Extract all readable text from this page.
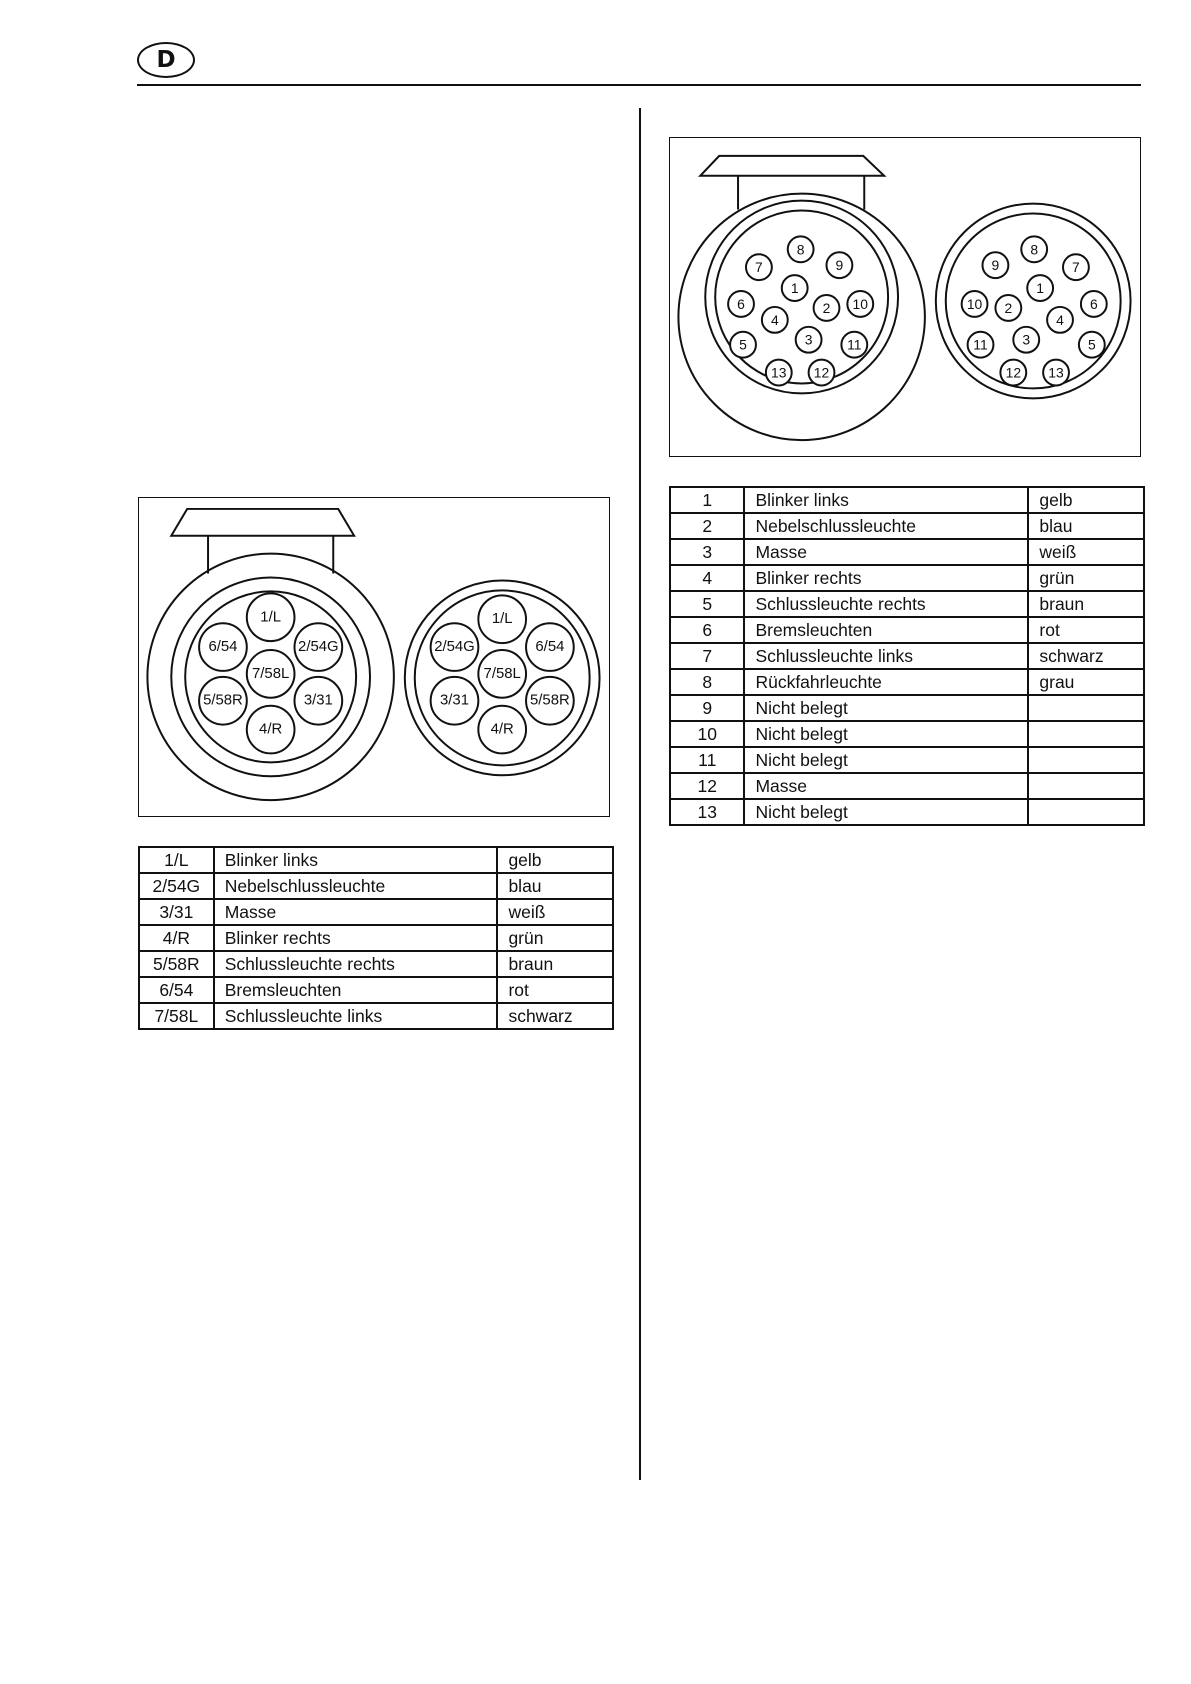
D
1/L
2/54G
3/31
4/R
5/58R
6/54
7/58L
1/L
2/54G
3/31
4/R
5/58R
6/54
7/58L
1/L	Blinker links	gelb
2/54G	Nebelschlussleuchte	blau
3/31	Masse	weiß
4/R	Blinker rechts	grün
5/58R	Schlussleuchte rechts	braun
6/54	Bremsleuchten	rot
7/58L	Schlussleuchte links	schwarz
1
2
3
4
5
6
7
8
9
10
11
12
13
1
2
3
4
5
6
7
8
9
10
11
12 13
1	Blinker links	gelb
2	Nebelschlussleuchte	blau
3	Masse	weiß
4	Blinker rechts	grün
5	Schlussleuchte rechts	braun
6	Bremsleuchten	rot
7	Schlussleuchte links	schwarz
8	Rückfahrleuchte	grau
9	Nicht belegt	
10	Nicht belegt	
11	Nicht belegt	
12	Masse	
13	Nicht belegt	
